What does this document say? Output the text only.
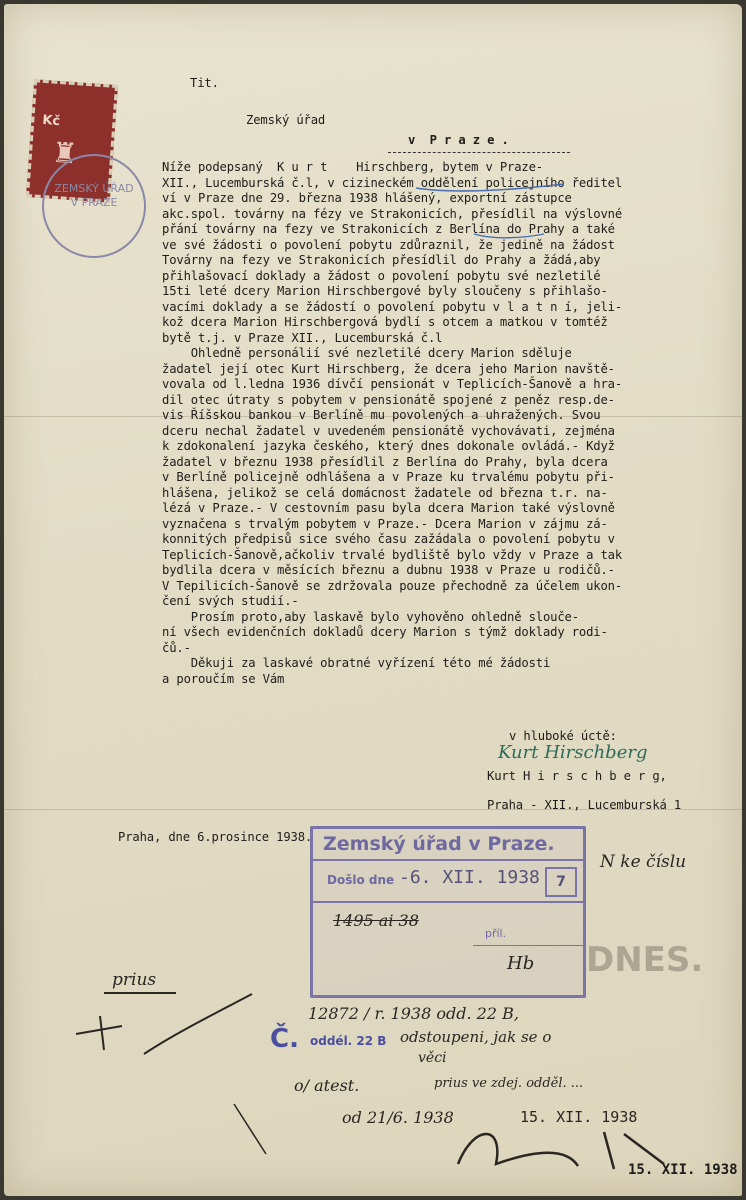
Kč
♜
ZEMSKÝ ÚŘAD V PRAZE

Tit.

Zemský úřad

v  P r a z e .

Níže podepsaný  K u r t    Hirschberg, bytem v Praze-
XII., Lucemburská č.l, v cizineckém oddělení policejního ředitel
ví v Praze dne 29. března 1938 hlášený, exportní zástupce
akc.spol. továrny na fézy ve Strakonicích, přesídlil na výslovné
přání továrny na fezy ve Strakonicích z Berlína do Prahy a také
ve své žádosti o povolení pobytu zdůraznil, že jedině na žádost
Továrny na fezy ve Strakonicích přesídlil do Prahy a žádá,aby
přihlašovací doklady a žádost o povolení pobytu své nezletilé
15ti leté dcery Marion Hirschbergové byly sloučeny s přihlašo-
vacími doklady a se žádostí o povolení pobytu v l a t n í, jeli-
kož dcera Marion Hirschbergová bydlí s otcem a matkou v tomtéž
bytě t.j. v Praze XII., Lucemburská č.l
Ohledně personálií své nezletilé dcery Marion sděluje
žadatel její otec Kurt Hirschberg, že dcera jeho Marion navště-
vovala od l.ledna 1936 dívčí pensionát v Teplicích-Šanově a hra-
dil otec útraty s pobytem v pensionátě spojené z peněz resp.de-
vis Říšskou bankou v Berlíně mu povolených a uhražených. Svou
dceru nechal žadatel v uvedeném pensionátě vychovávati, zejména
k zdokonalení jazyka českého, který dnes dokonale ovládá.- Když
žadatel v březnu 1938 přesídlil z Berlína do Prahy, byla dcera
v Berlíně policejně odhlášena a v Praze ku trvalému pobytu při-
hlášena, jelikož se celá domácnost žadatele od března t.r. na-
lézá v Praze.- V cestovním pasu byla dcera Marion také výslovně
vyznačena s trvalým pobytem v Praze.- Dcera Marion v zájmu zá-
konnitých předpisů sice svého času zažádala o povolení pobytu v
Teplicích-Šanově,ačkoliv trvalé bydliště bylo vždy v Praze a tak
bydlila dcera v měsících březnu a dubnu 1938 v Praze u rodičů.-
V Tepilicích-Šanově se zdržovala pouze přechodně za účelem ukon-
čení svých studií.-
Prosím proto,aby laskavě bylo vyhověno ohledně slouče-
ní všech evidenčních dokladů dcery Marion s týmž doklady rodi-
čů.-
Děkuji za laskavé obratné vyřízení této mé žádosti
a poroučím se Vám

v hluboké úctě:

Kurt Hirschberg

Kurt H i r s c h b e r g,

Praha - XII., Lucemburská 1

Praha, dne 6.prosince 1938. Zemský úřad v Praze.
Došlo dne -6. XII. 1938	7
1495 ai 38
příl.
Hb DNES.
N ke číslu
prius
Č.
12872 / r. 1938 odd. 22 B,
oddél. 22 B odstoupeni, jak se o
věci
o/ atest.	prius ve zdej. odděl. ...
od 21/6. 1938	15. XII. 1938
15. XII. 1938
